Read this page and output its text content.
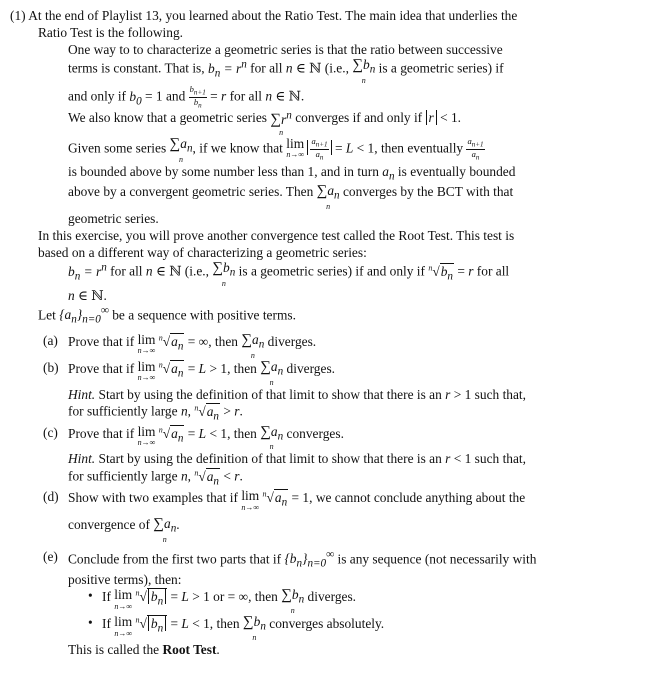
(1) At the end of Playlist 13, you learned about the Ratio Test. The main idea that underlies the
Ratio Test is the following.
One way to to characterize a geometric series is that the ratio between successive
terms is constant. That is, $b_n = r^n$ for all n ∈ ℕ (i.e., $\sum b_n$
n
is a geometric series) if
and only if $b_0 = 1$ and $\frac{b_{n+1}}{b_n} = r$ for all n ∈ ℕ.
We also know that a geometric series $\sum r^n$
n
converges if and only if r < 1.
Given some series $\sum a_n$
n
, if we know that lim
n→∞
$\frac{a_{n+1}}{a_n} = L < 1$, then eventually $\frac{a_{n+1}}{a_n}$
is bounded above by some number less than 1, and in turn $a_n$ is eventually bounded
above by a convergent geometric series. Then $\sum a_n$
n
converges by the BCT with that
geometric series.
In this exercise, you will prove another convergence test called the Root Test. This test is
based on a different way of characterizing a geometric series:
$b_n = r^n$ for all n ∈ ℕ (i.e., $\sum b_n$
n
is a geometric series) if and only if $^n√b_n = r$ for all
n ∈ ℕ.
Let $\{a_n\}_{n=0}^\infty$ be a sequence with positive terms.
(a) Prove that if lim
n→∞
$^n√a_n$ = ∞, then $\sum a_n$
n
diverges.
(b) Prove that if lim
n→∞
$^n√a_n = L > 1$, then $\sum a_n$
n
diverges.
Hint. Start by using the definition of that limit to show that there is an r > 1 such that,
for sufficiently large n, $^n√a_n > r$.
(c) Prove that if lim
n→∞
$^n√a_n = L < 1$, then $\sum a_n$
n
converges.
Hint. Start by using the definition of that limit to show that there is an r < 1 such that,
for sufficiently large n, $^n√a_n < r$.
(d) Show with two examples that if lim
n→∞
$^n√a_n = 1$, we cannot conclude anything about the
convergence of $\sum a_n$
n
.
(e) Conclude from the first two parts that if $\{b_n\}_{n=0}^\infty$ is any sequence (not necessarily with
positive terms), then:
• If lim
n→∞
$^n$√ $b_n = L > 1$ or = ∞, then $\sum b_n$
n
diverges.
• If lim
n→∞
$^n$√ $b_n = L < 1$, then $\sum b_n$
n
converges absolutely.
This is called the Root Test.
